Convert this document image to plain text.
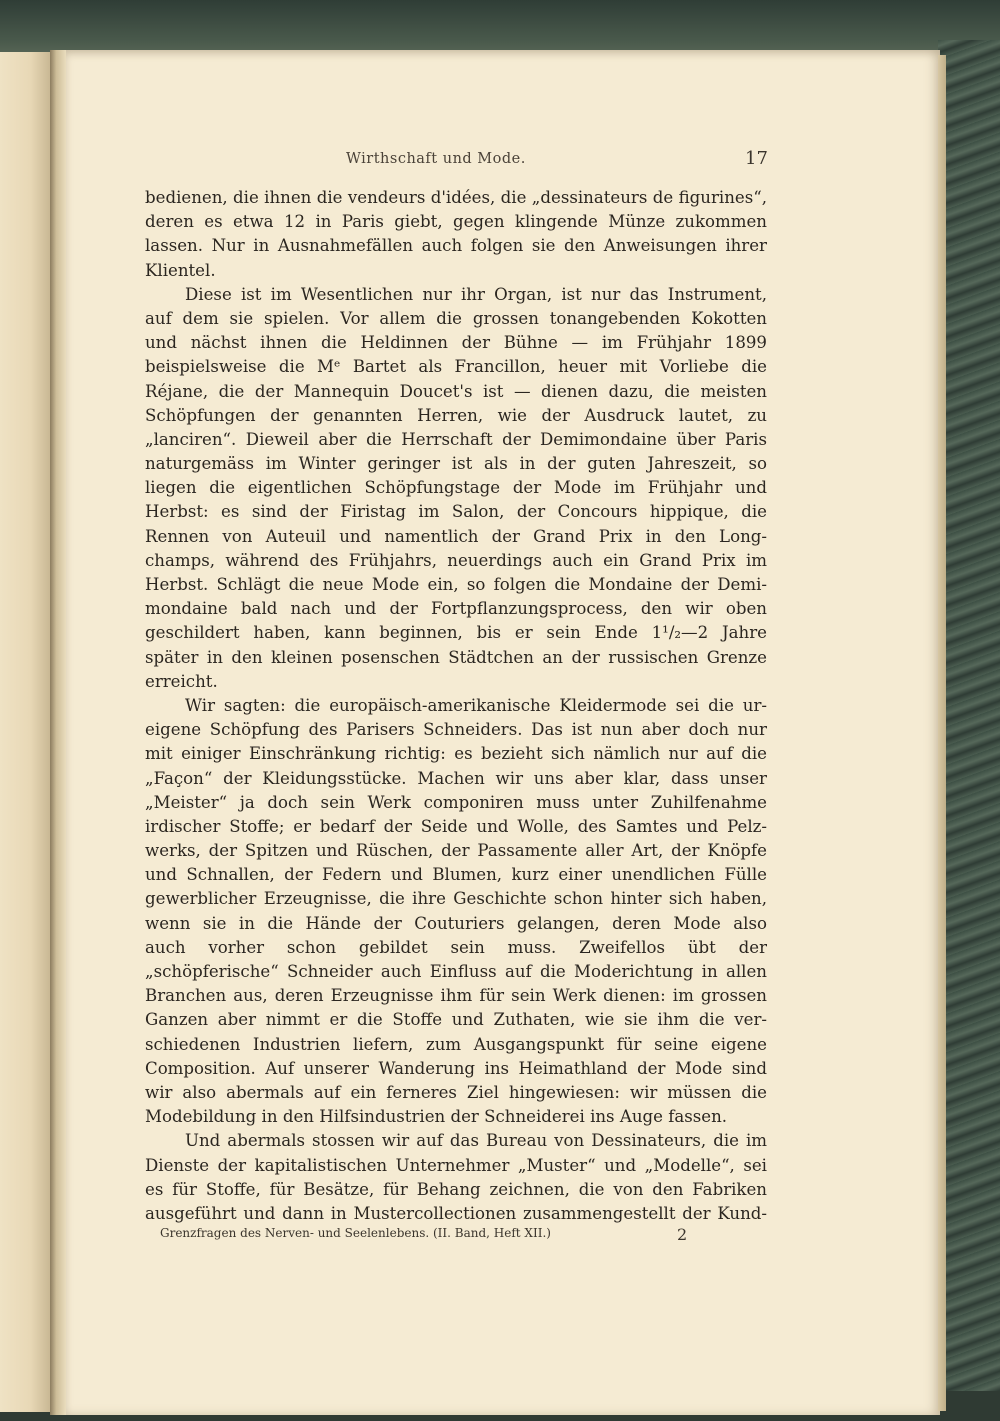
Wirthschaft und Mode.	17
bedienen, die ihnen die vendeurs d'idées, die „dessinateurs de figurines“,
deren es etwa 12 in Paris giebt, gegen klingende Münze zukommen
lassen. Nur in Ausnahmefällen auch folgen sie den Anweisungen ihrer
Klientel.
Diese ist im Wesentlichen nur ihr Organ, ist nur das Instrument,
auf dem sie spielen. Vor allem die grossen tonangebenden Kokotten
und nächst ihnen die Heldinnen der Bühne — im Frühjahr 1899
beispielsweise die Mᵉ Bartet als Francillon, heuer mit Vorliebe die
Réjane, die der Mannequin Doucet's ist — dienen dazu, die meisten
Schöpfungen der genannten Herren, wie der Ausdruck lautet, zu
„lanciren“. Dieweil aber die Herrschaft der Demimondaine über Paris
naturgemäss im Winter geringer ist als in der guten Jahreszeit, so
liegen die eigentlichen Schöpfungstage der Mode im Frühjahr und
Herbst: es sind der Firistag im Salon, der Concours hippique, die
Rennen von Auteuil und namentlich der Grand Prix in den Long-
champs, während des Frühjahrs, neuerdings auch ein Grand Prix im
Herbst. Schlägt die neue Mode ein, so folgen die Mondaine der Demi-
mondaine bald nach und der Fortpflanzungsprocess, den wir oben
geschildert haben, kann beginnen, bis er sein Ende 1¹/₂—2 Jahre
später in den kleinen posenschen Städtchen an der russischen Grenze
erreicht.
Wir sagten: die europäisch-amerikanische Kleidermode sei die ur-
eigene Schöpfung des Parisers Schneiders. Das ist nun aber doch nur
mit einiger Einschränkung richtig: es bezieht sich nämlich nur auf die
„Façon“ der Kleidungsstücke. Machen wir uns aber klar, dass unser
„Meister“ ja doch sein Werk componiren muss unter Zuhilfenahme
irdischer Stoffe; er bedarf der Seide und Wolle, des Samtes und Pelz-
werks, der Spitzen und Rüschen, der Passamente aller Art, der Knöpfe
und Schnallen, der Federn und Blumen, kurz einer unendlichen Fülle
gewerblicher Erzeugnisse, die ihre Geschichte schon hinter sich haben,
wenn sie in die Hände der Couturiers gelangen, deren Mode also
auch vorher schon gebildet sein muss. Zweifellos übt der
„schöpferische“ Schneider auch Einfluss auf die Moderichtung in allen
Branchen aus, deren Erzeugnisse ihm für sein Werk dienen: im grossen
Ganzen aber nimmt er die Stoffe und Zuthaten, wie sie ihm die ver-
schiedenen Industrien liefern, zum Ausgangspunkt für seine eigene
Composition. Auf unserer Wanderung ins Heimathland der Mode sind
wir also abermals auf ein ferneres Ziel hingewiesen: wir müssen die
Modebildung in den Hilfsindustrien der Schneiderei ins Auge fassen.
Und abermals stossen wir auf das Bureau von Dessinateurs, die im
Dienste der kapitalistischen Unternehmer „Muster“ und „Modelle“, sei
es für Stoffe, für Besätze, für Behang zeichnen, die von den Fabriken
ausgeführt und dann in Mustercollectionen zusammengestellt der Kund-
Grenzfragen des Nerven- und Seelenlebens. (II. Band, Heft XII.)	2
